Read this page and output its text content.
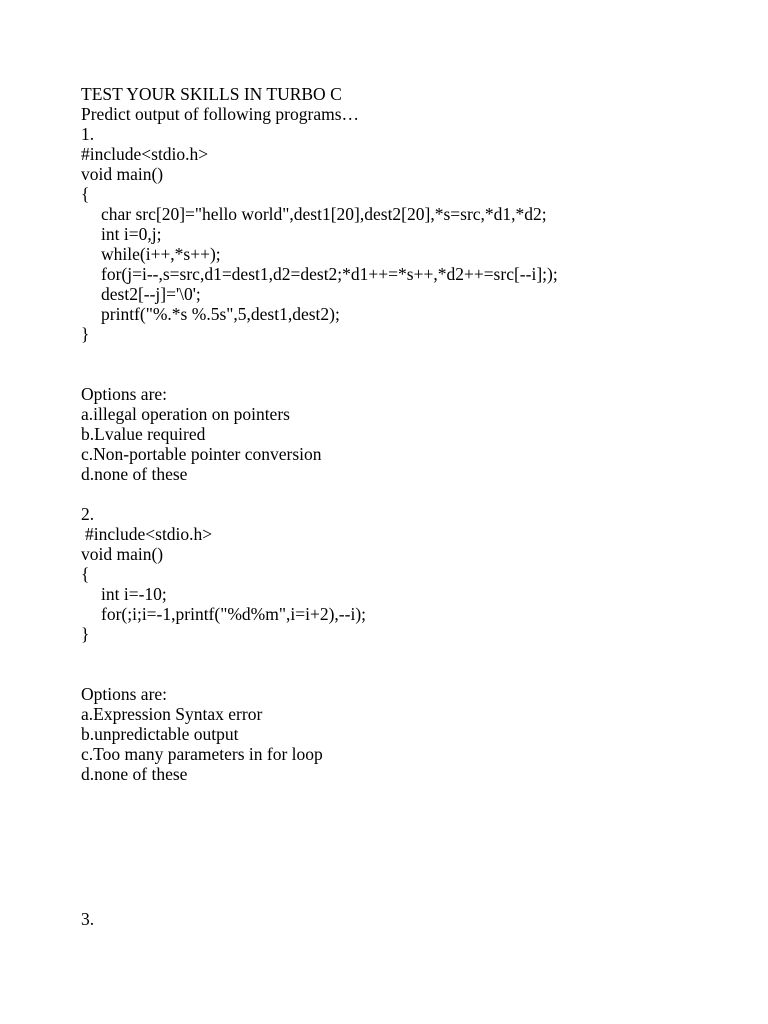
TEST YOUR SKILLS IN TURBO C
Predict output of following programs…
1.
#include<stdio.h>
void main()
{
char src[20]="hello world",dest1[20],dest2[20],*s=src,*d1,*d2;
int i=0,j;
while(i++,*s++);
for(j=i--,s=src,d1=dest1,d2=dest2;*d1++=*s++,*d2++=src[--i];);
dest2[--j]='\0';
printf("%.*s %.5s",5,dest1,dest2);
}
Options are:
a.illegal operation on pointers
b.Lvalue required
c.Non-portable pointer conversion
d.none of these
2.
#include<stdio.h>
void main()
{
int i=-10;
for(;i;i=-1,printf("%d%m",i=i+2),--i);
}
Options are:
a.Expression Syntax error
b.unpredictable output
c.Too many parameters in for loop
d.none of these
3.
